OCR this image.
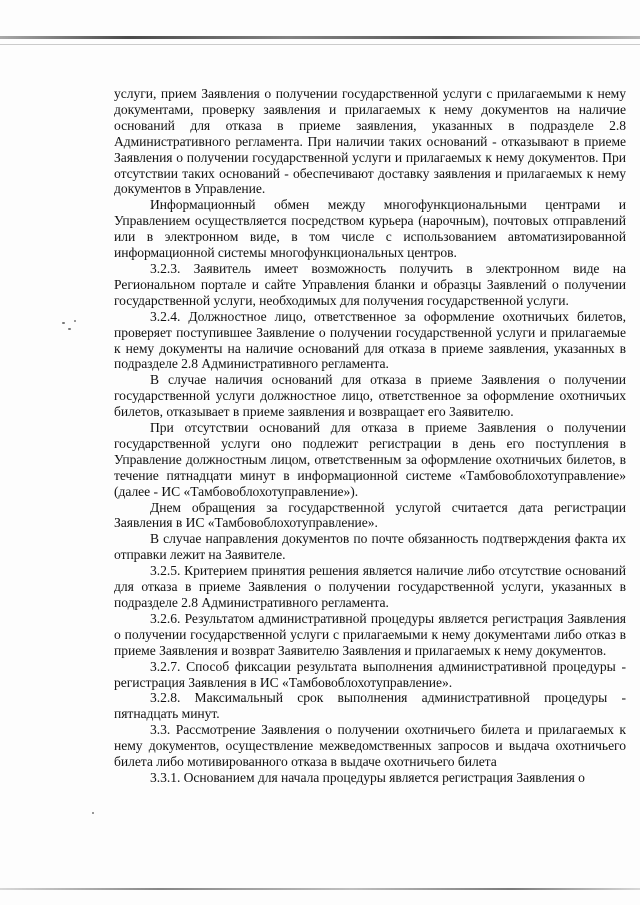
услуги, прием Заявления о получении государственной услуги с прилагаемыми к нему документами, проверку заявления и прилагаемых к нему документов на наличие оснований для отказа в приеме заявления, указанных в подразделе 2.8 Административного регламента. При наличии таких оснований - отказывают в приеме Заявления о получении государственной услуги и прилагаемых к нему документов. При отсутствии таких оснований - обеспечивают доставку заявления и прилагаемых к нему документов в Управление.

Информационный обмен между многофункциональными центрами и Управлением осуществляется посредством курьера (нарочным), почтовых отправлений или в электронном виде, в том числе с использованием автоматизированной информационной системы многофункциональных центров.

3.2.3. Заявитель имеет возможность получить в электронном виде на Региональном портале и сайте Управления бланки и образцы Заявлений о получении государственной услуги, необходимых для получения государственной услуги.

3.2.4. Должностное лицо, ответственное за оформление охотничьих билетов, проверяет поступившее Заявление о получении государственной услуги и прилагаемые к нему документы на наличие оснований для отказа в приеме заявления, указанных в подразделе 2.8 Административного регламента.

В случае наличия оснований для отказа в приеме Заявления о получении государственной услуги должностное лицо, ответственное за оформление охотничьих билетов, отказывает в приеме заявления и возвращает его Заявителю.

При отсутствии оснований для отказа в приеме Заявления о получении государственной услуги оно подлежит регистрации в день его поступления в Управление должностным лицом, ответственным за оформление охотничьих билетов, в течение пятнадцати минут в информационной системе «Тамбовоблохотуправление» (далее - ИС «Тамбовоблохотуправление»).

Днем обращения за государственной услугой считается дата регистрации Заявления в ИС «Тамбовоблохотуправление».

В случае направления документов по почте обязанность подтверждения факта их отправки лежит на Заявителе.

3.2.5. Критерием принятия решения является наличие либо отсутствие оснований для отказа в приеме Заявления о получении государственной услуги, указанных в подразделе 2.8 Административного регламента.

3.2.6. Результатом административной процедуры является регистрация Заявления о получении государственной услуги с прилагаемыми к нему документами либо отказ в приеме Заявления и возврат Заявителю Заявления и прилагаемых к нему документов.

3.2.7. Способ фиксации результата выполнения административной процедуры - регистрация Заявления в ИС «Тамбовоблохотуправление».

3.2.8. Максимальный срок выполнения административной процедуры - пятнадцать минут.

3.3. Рассмотрение Заявления о получении охотничьего билета и прилагаемых к нему документов, осуществление межведомственных запросов и выдача охотничьего билета либо мотивированного отказа в выдаче охотничьего билета

3.3.1. Основанием для начала процедуры является регистрация Заявления о
